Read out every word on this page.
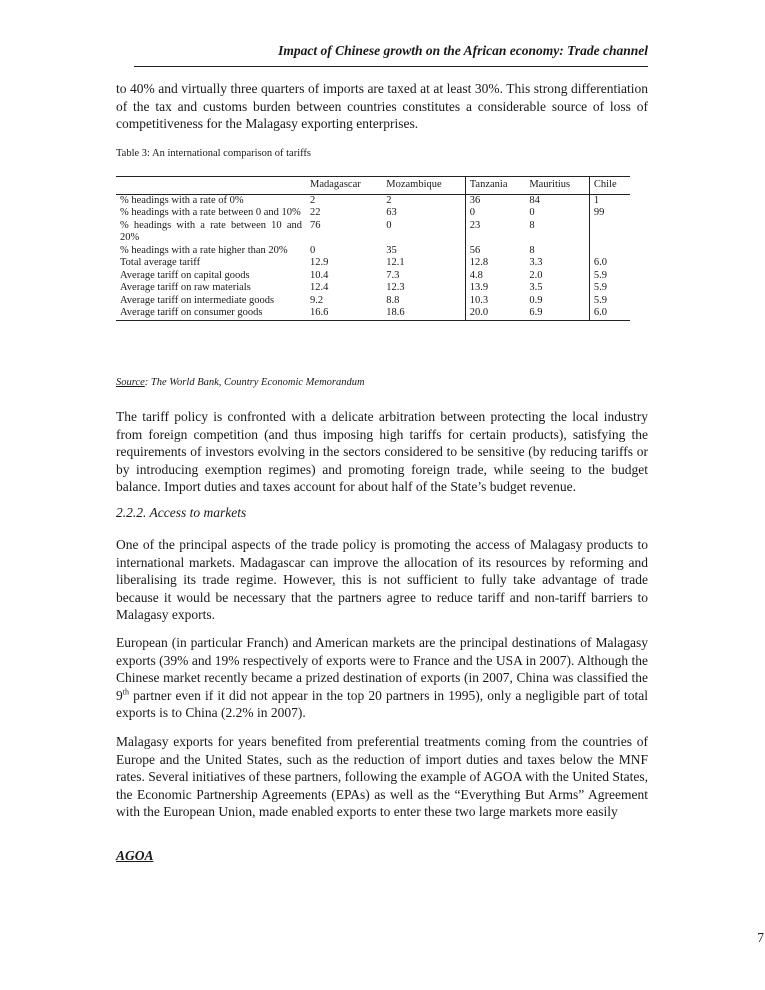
Impact of Chinese growth on the African economy: Trade channel

to 40% and virtually three quarters of imports are taxed at at least 30%. This strong differentiation of the tax and customs burden between countries constitutes a considerable source of loss of competitiveness for the Malagasy exporting enterprises.

Table 3: An international comparison of tariffs
	Madagascar	Mozambique	Tanzania	Mauritius	Chile
% headings with a rate of 0%	2	2	36	84	1
% headings with a rate between 0 and 10%	22	63	0	0	99
% headings with a rate between 10 and 20%	76	0	23	8	
% headings with a rate higher than 20%	0	35	56	8	
Total average tariff	12.9	12.1	12.8	3.3	6.0
Average tariff on capital goods	10.4	7.3	4.8	2.0	5.9
Average tariff on raw materials	12.4	12.3	13.9	3.5	5.9
Average tariff on intermediate goods	9.2	8.8	10.3	0.9	5.9
Average tariff on consumer goods	16.6	18.6	20.0	6.9	6.0
Source: The World Bank, Country Economic Memorandum

The tariff policy is confronted with a delicate arbitration between protecting the local industry from foreign competition (and thus imposing high tariffs for certain products), satisfying the requirements of investors evolving in the sectors considered to be sensitive (by reducing tariffs or by introducing exemption regimes) and promoting foreign trade, while seeing to the budget balance. Import duties and taxes account for about half of the State’s budget revenue.

2.2.2. Access to markets

One of the principal aspects of the trade policy is promoting the access of Malagasy products to international markets. Madagascar can improve the allocation of its resources by reforming and liberalising its trade regime. However, this is not sufficient to fully take advantage of trade because it would be necessary that the partners agree to reduce tariff and non-tariff barriers to Malagasy exports.

European (in particular Franch) and American markets are the principal destinations of Malagasy exports (39% and 19% respectively of exports were to France and the USA in 2007). Although the Chinese market recently became a prized destination of exports (in 2007, China was classified the 9th partner even if it did not appear in the top 20 partners in 1995), only a negligible part of total exports is to China (2.2% in 2007).

Malagasy exports for years benefited from preferential treatments coming from the countries of Europe and the United States, such as the reduction of import duties and taxes below the MNF rates. Several initiatives of these partners, following the example of AGOA with the United States, the Economic Partnership Agreements (EPAs) as well as the “Everything But Arms” Agreement with the European Union, made enabled exports to enter these two large markets more easily

AGOA
7
